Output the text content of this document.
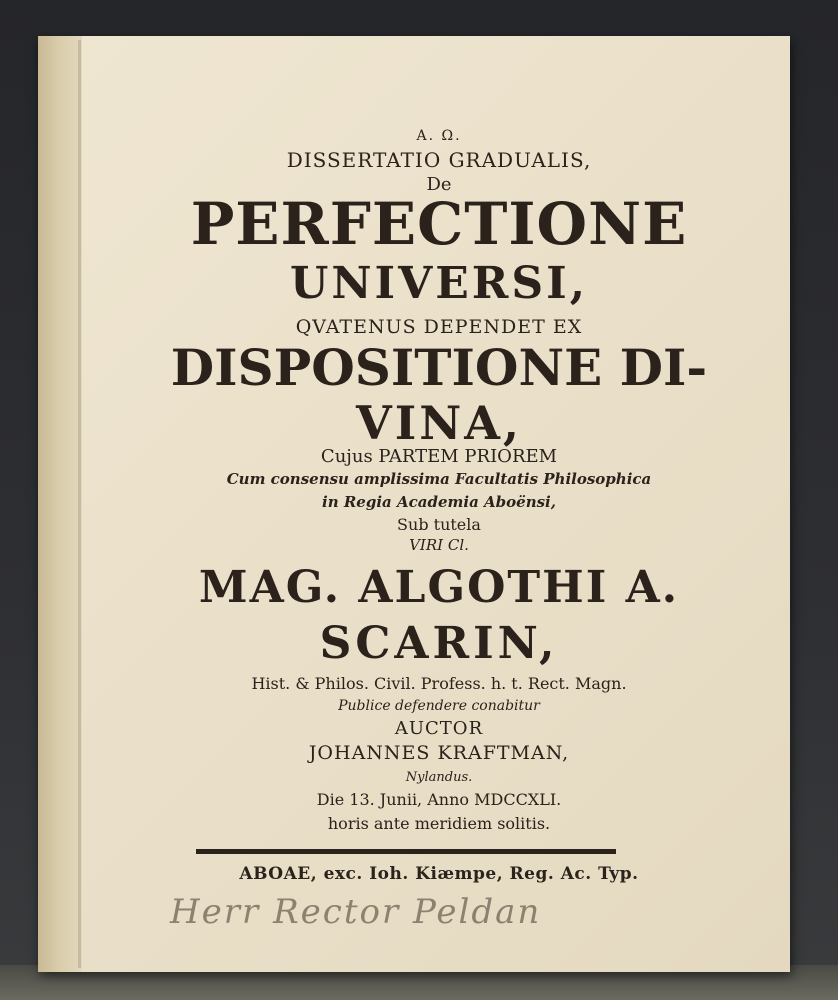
A. Ω.
DISSERTATIO GRADUALIS,
De
PERFECTIONE
UNIVERSI,
QVATENUS DEPENDET EX
DISPOSITIONE DI-
VINA,
Cujus PARTEM PRIOREM
Cum consensu amplissima Facultatis Philosophica
in Regia Academia Aboënsi,
Sub tutela
VIRI Cl.
MAG. ALGOTHI A.
SCARIN,
Hist. & Philos. Civil. Profess. h. t. Rect. Magn.
Publice defendere conabitur
AUCTOR
JOHANNES KRAFTMAN,
Nylandus.
Die 13. Junii, Anno MDCCXLI.
horis ante meridiem solitis.
ABOAE, exc. Ioh. Kiæmpe, Reg. Ac. Typ.
Herr Rector Peldan
